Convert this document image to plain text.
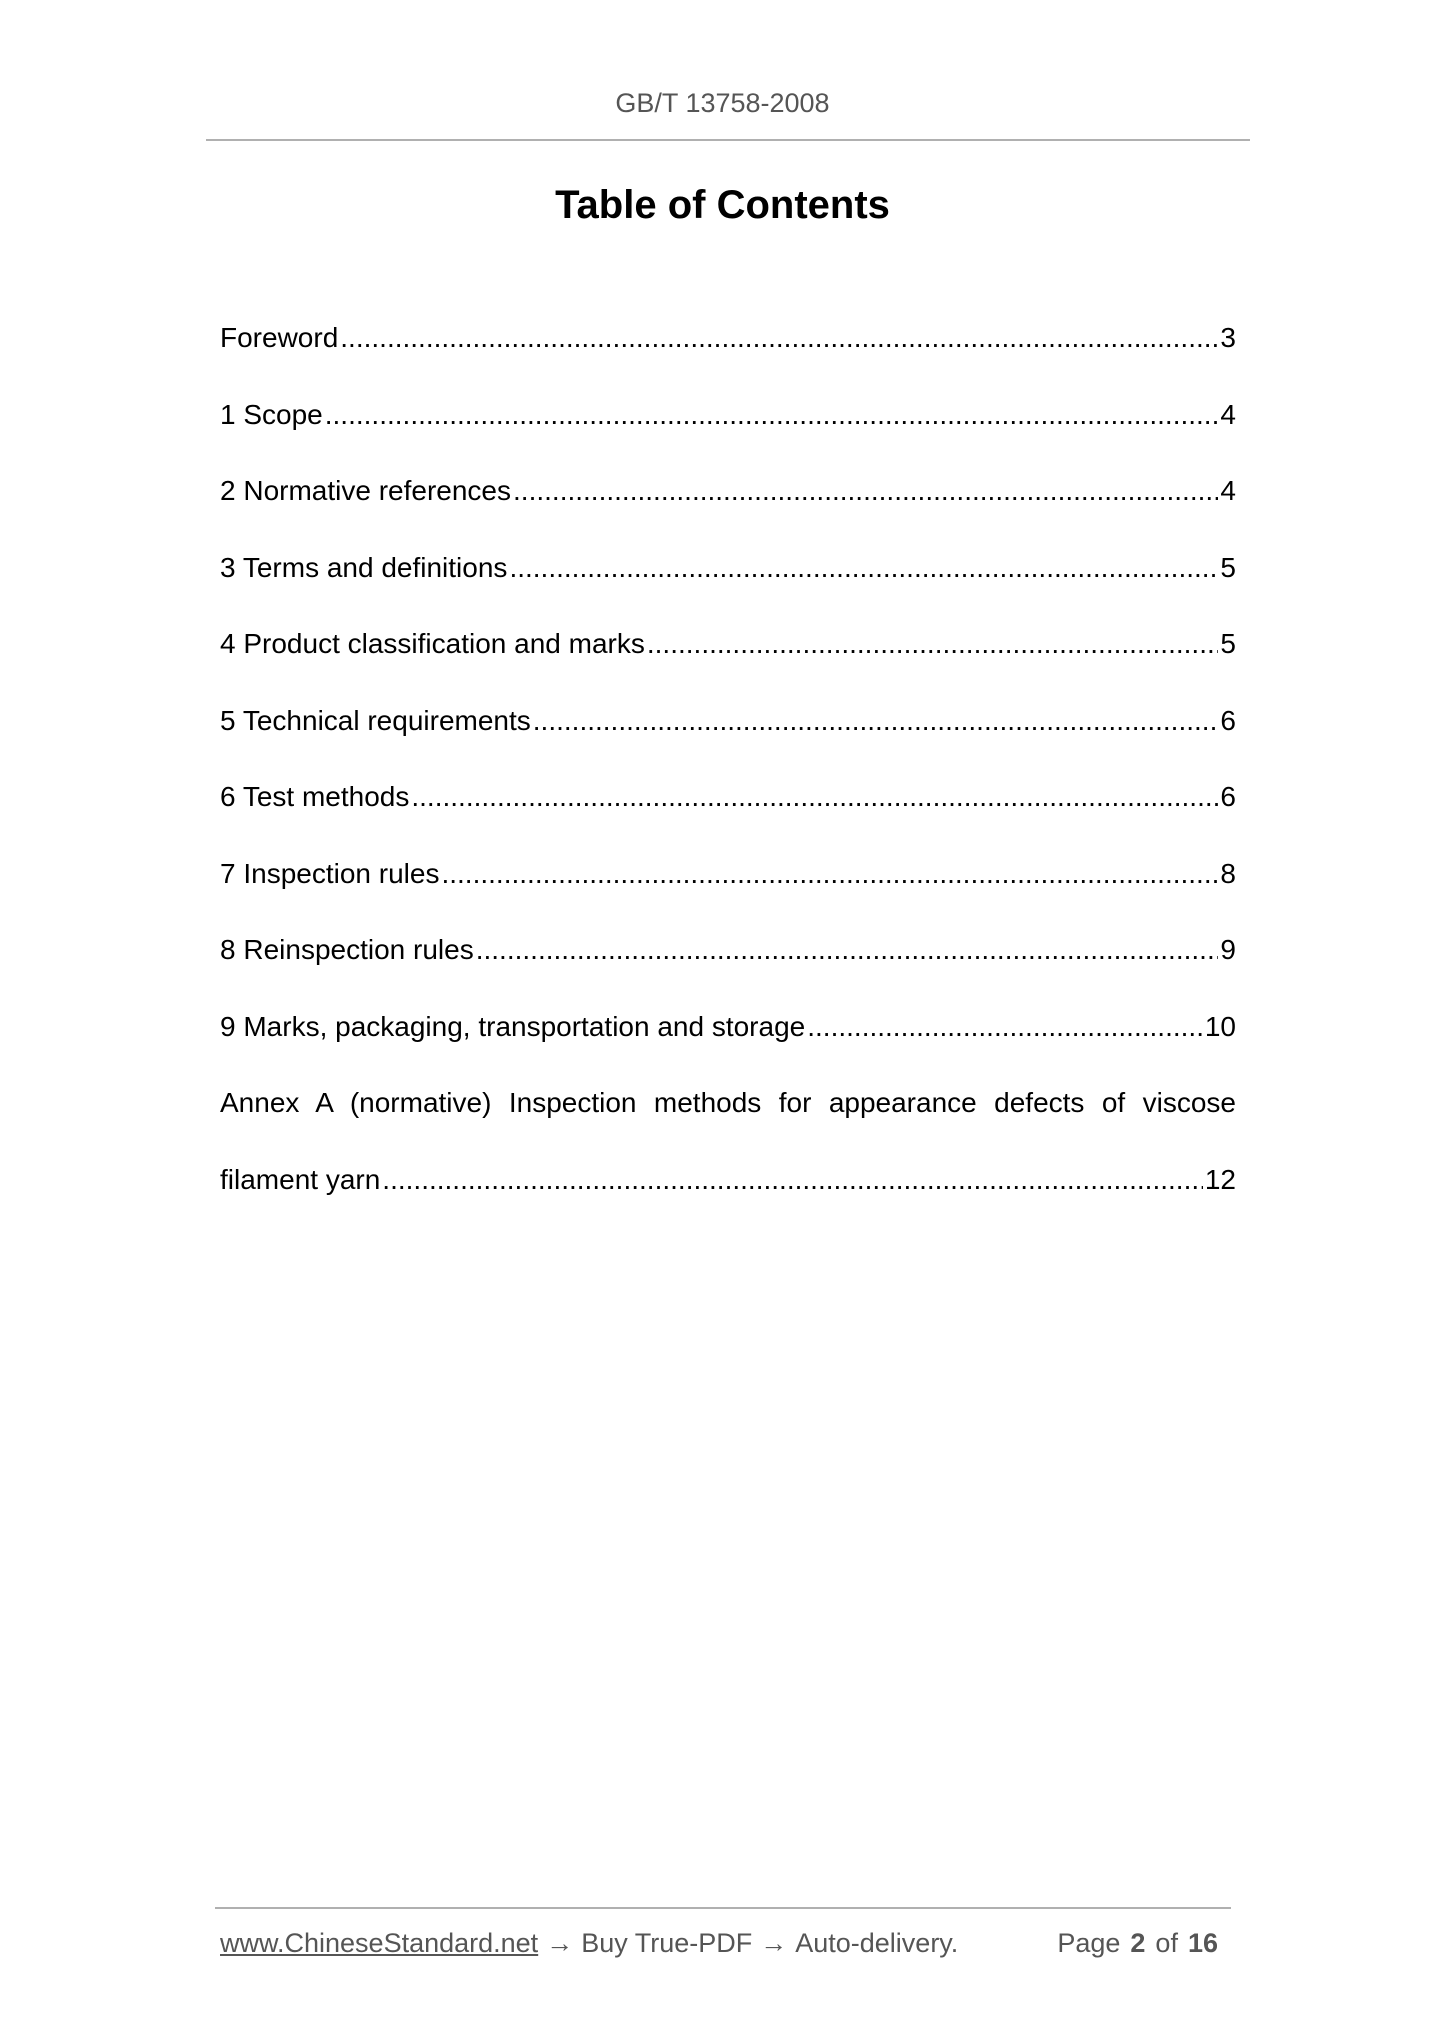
GB/T 13758-2008
Table of Contents
Foreword .....	3
1 Scope .....	4
2 Normative references .....	4
3 Terms and definitions .....	5
4 Product classification and marks .....	5
5 Technical requirements .....	6
6 Test methods .....	6
7 Inspection rules .....	8
8 Reinspection rules .....	9
9 Marks, packaging, transportation and storage .....	10
Annex A (normative) Inspection methods for appearance defects of viscose
filament yarn .....	12
www.ChineseStandard.net → Buy True-PDF → Auto-delivery.	Page 2 of 16
